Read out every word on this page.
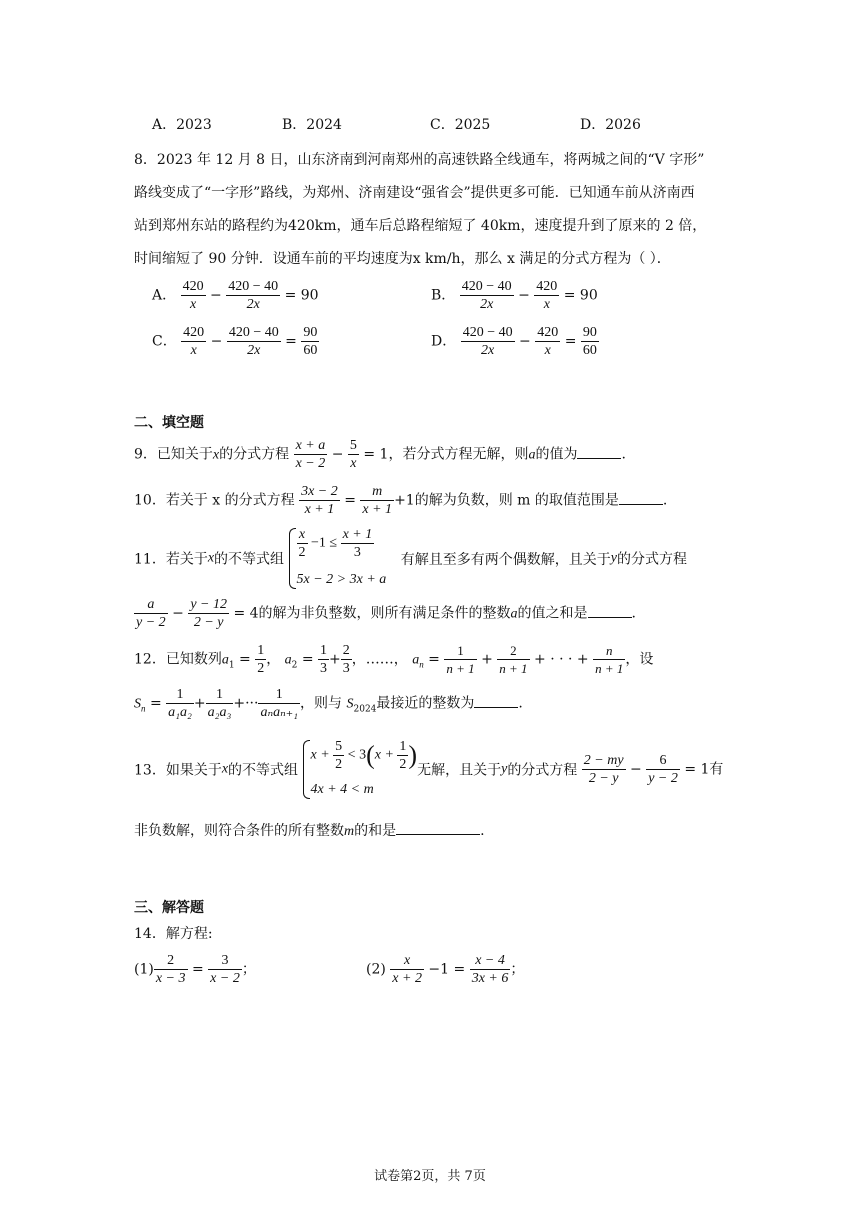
A．2023	B．2024	C．2025	D．2026
8．2023 年 12 月 8 日，山东济南到河南郑州的高速铁路全线通车，将两城之间的“V 字形”
路线变成了“一字形”路线，为郑州、济南建设“强省会”提供更多可能．已知通车前从济南西
站到郑州东站的路程约为420km，通车后总路程缩短了 40km，速度提升到了原来的 2 倍，
时间缩短了 90 分钟．设通车前的平均速度为x km/h，那么 x 满足的分式方程为（ ）．
A． $\frac{420}{x} - \frac{420 - 40}{2x} = 90$	B． $\frac{420 - 40}{2x} - \frac{420}{x} = 90$
C． $\frac{420}{x} - \frac{420 - 40}{2x} = \frac{90}{60}$	D． $\frac{420 - 40}{2x} - \frac{420}{x} = \frac{90}{60}$
二、填空题
9．已知关于x的分式方程 $\frac{x + a}{x - 2} - \frac{5}{x} = 1$，若分式方程无解，则a的值为	.
10．若关于 x 的分式方程 $\frac{3x - 2}{x + 1} = \frac{m}{x + 1} +1$的解为负数，则 m 的取值范围是	.
11．若关于x的不等式组 $\frac{x}{2} -1 \le \frac{x + 1}{3}$
5x − 2 > 3x + a
有解且至多有两个偶数解，且关于y的分式方程
$\frac{a}{y - 2} - \frac{y - 12}{2 - y} = 4$的解为非负整数，则所有满足条件的整数a的值之和是	.
12．已知数列$a_1 = \frac{1}{2}$ ， $a_2 = \frac{1}{3} + \frac{2}{3}$ ，……， $a_n = \frac{1}{n + 1} + \frac{2}{n + 1}$ + · · · + $\frac{n}{n + 1}$ ，设
$S_n = \frac{1}{\text{a₁a₂}} + \frac{1}{\text{a₂a₃}}$ +··· $\frac{1}{\text{aₙaₙ₊₁}}$ ，则与 $S_{2024}$最接近的整数为	.
13．如果关于x的不等式组
$x + \frac{5}{2} < 3(x + \frac{1}{2}$ )
4x + 4 < m
无解，且关于y的分式方程 $\frac{2 - my}{2 - y} - \frac{6}{y - 2} = 1$有
非负数解，则符合条件的所有整数m的和是	.
三、解答题
14．解方程:
$(1) \frac{2}{x - 3} = \frac{3}{x - 2}$ ；	$(2) \frac{x}{x + 2} -1 = \frac{x - 4}{3x + 6}$ ；
试卷第2页，共 7页
